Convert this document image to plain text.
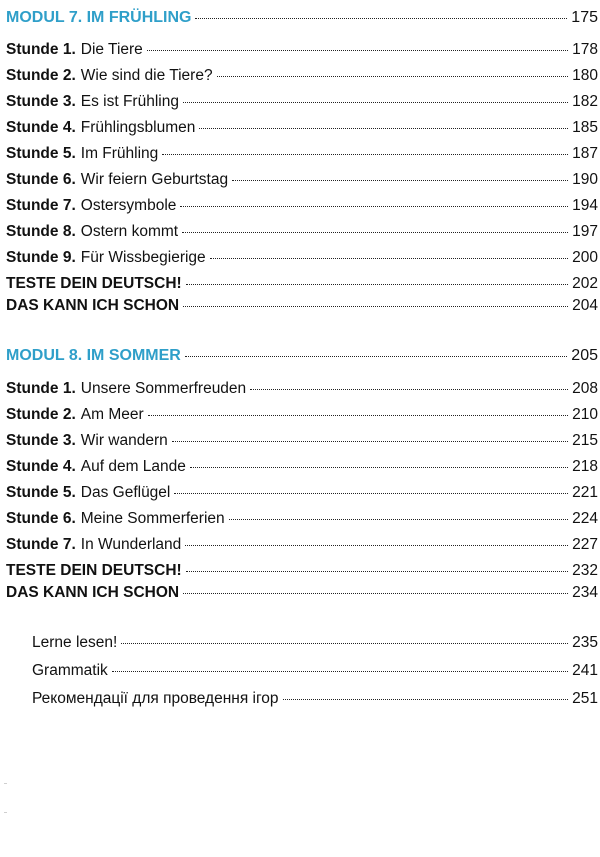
MODUL 7. IM FRÜHLING	175
Stunde 1. Die Tiere	178
Stunde 2. Wie sind die Tiere?	180
Stunde 3. Es ist Frühling	182
Stunde 4. Frühlingsblumen	185
Stunde 5. Im Frühling	187
Stunde 6. Wir feiern Geburtstag	190
Stunde 7. Ostersymbole	194
Stunde 8. Ostern kommt	197
Stunde 9. Für Wissbegierige	200
TESTE DEIN DEUTSCH!	202
DAS KANN ICH SCHON	204
MODUL 8. IM SOMMER	205
Stunde 1. Unsere Sommerfreuden	208
Stunde 2. Am Meer	210
Stunde 3. Wir wandern	215
Stunde 4. Auf dem Lande	218
Stunde 5. Das Geflügel	221
Stunde 6. Meine Sommerferien	224
Stunde 7. In Wunderland	227
TESTE DEIN DEUTSCH!	232
DAS KANN ICH SCHON	234
Lerne lesen!	235
Grammatik	241
Рекомендації для проведення ігор	251
